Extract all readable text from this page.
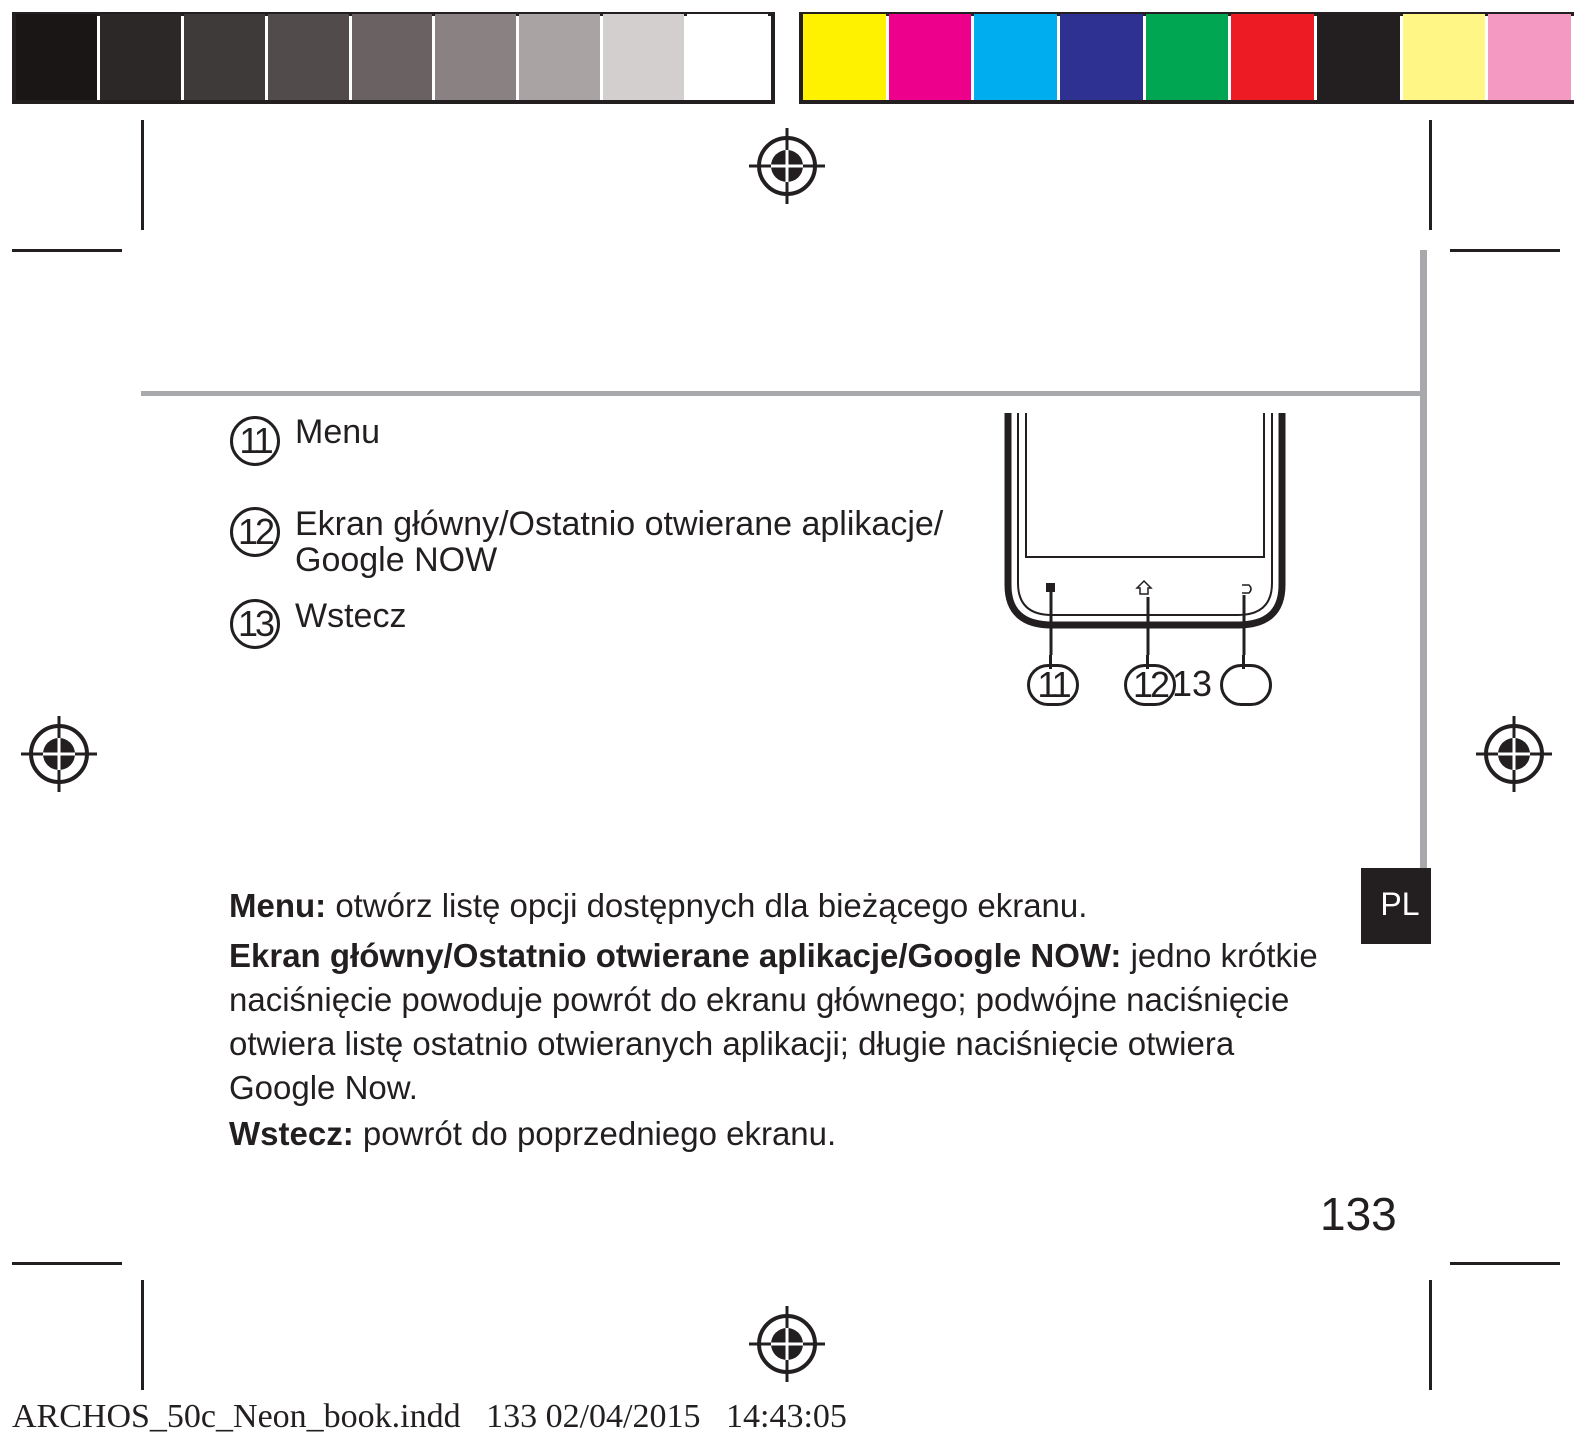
PL
11 Menu
12 Ekran główny/Ostatnio otwierane aplikacje/
Google NOW
13 Wstecz
11 12 13
Menu: otwórz listę opcji dostępnych dla bieżącego ekranu.
Ekran główny/Ostatnio otwierane aplikacje/Google NOW: jedno krótkie naciśnięcie powoduje powrót do ekranu głównego; podwójne naciśnięcie otwiera listę ostatnio otwieranych aplikacji; długie naciśnięcie otwiera Google Now.
Wstecz: powrót do poprzedniego ekranu.
133
ARCHOS_50c_Neon_book.indd   133 02/04/2015   14:43:05
